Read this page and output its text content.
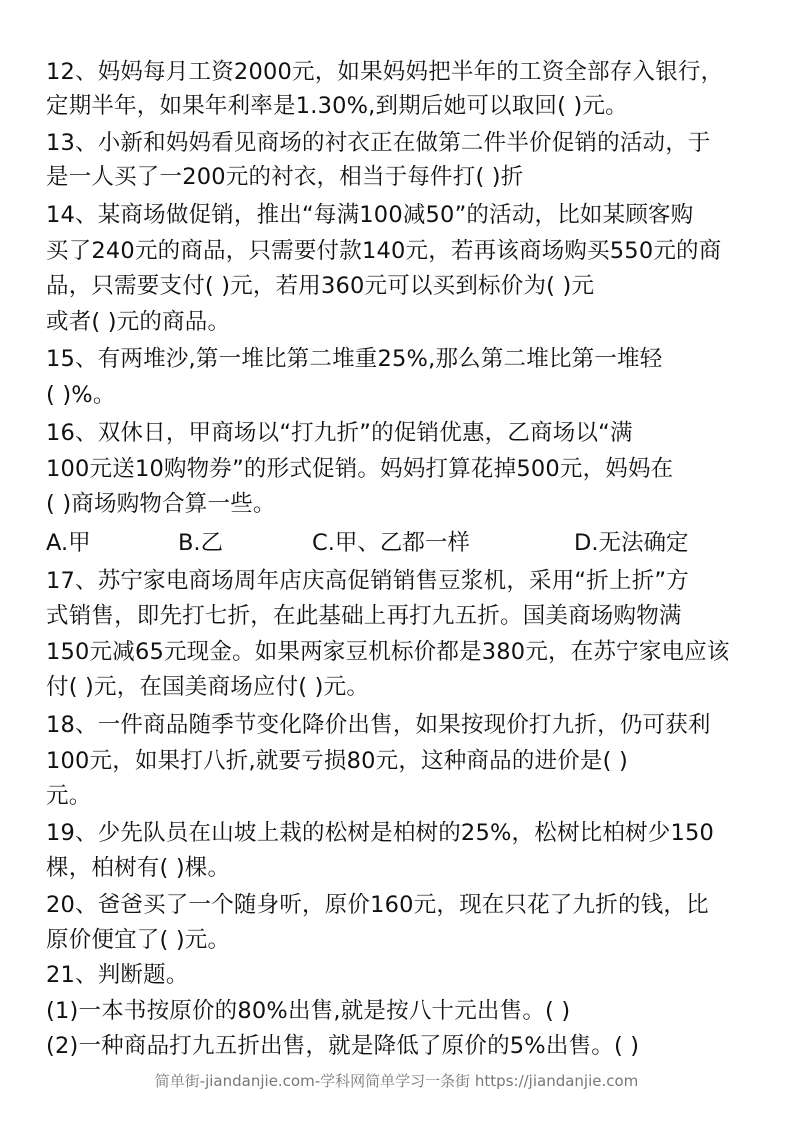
12、妈妈每月工资2000元，如果妈妈把半年的工资全部存入银行，
定期半年，如果年利率是1.30%,到期后她可以取回( )元。
13、小新和妈妈看见商场的衬衣正在做第二件半价促销的活动，于
是一人买了一200元的衬衣，相当于每件打( )折
14、某商场做促销，推出“每满100减50”的活动，比如某顾客购
买了240元的商品，只需要付款140元，若再该商场购买550元的商
品，只需要支付( )元，若用360元可以买到标价为( )元
或者( )元的商品。
15、有两堆沙,第一堆比第二堆重25%,那么第二堆比第一堆轻
( )%。
16、双休日，甲商场以“打九折”的促销优惠，乙商场以“满
100元送10购物券”的形式促销。妈妈打算花掉500元，妈妈在
( )商场购物合算一些。
17、苏宁家电商场周年店庆高促销销售豆浆机，采用“折上折”方
式销售，即先打七折，在此基础上再打九五折。国美商场购物满
150元减65元现金。如果两家豆机标价都是380元，在苏宁家电应该
付( )元，在国美商场应付( )元。
18、一件商品随季节变化降价出售，如果按现价打九折，仍可获利
100元，如果打八折,就要亏损80元，这种商品的进价是( )
元。
19、少先队员在山坡上栽的松树是柏树的25%，松树比柏树少150
棵，柏树有( )棵。
20、爸爸买了一个随身听，原价160元，现在只花了九折的钱，比
原价便宜了( )元。
21、判断题。
(1)一本书按原价的80%出售,就是按八十元出售。( )
(2)一种商品打九五折出售，就是降低了原价的5%出售。( )
A.甲	B.乙	C.甲、乙都一样	D.无法确定
简单街-jiandanjie.com-学科网简单学习一条街 https://jiandanjie.com
